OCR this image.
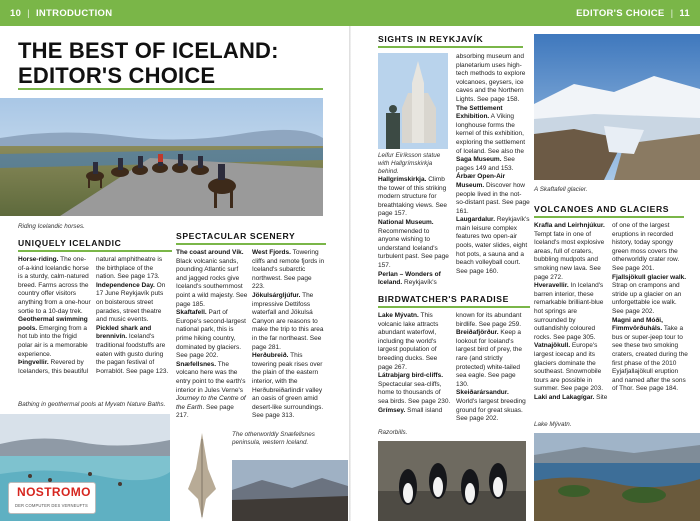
10 | INTRODUCTION	EDITOR'S CHOICE | 11
THE BEST OF ICELAND:
EDITOR'S CHOICE
Riding Icelandic horses.
UNIQUELY ICELANDIC

Horse-riding. The one-of-a-kind Icelandic horse is a sturdy, calm-natured breed. Farms across the country offer visitors anything from a one-hour sortie to a 10-day trek.

Geothermal swimming pools. Emerging from a hot tub into the frigid polar air is a memorable experience.

Þingvellir. Revered by Icelanders, this beautiful

natural amphitheatre is the birthplace of the nation. See page 173.

Independence Day. On 17 June Reykjavík puts on boisterous street parades, street theatre and music events.

Pickled shark and brennivín. Iceland's traditional foodstuffs are eaten with gusto during the pagan festival of Þorrablót. See page 123.

Bathing in geothermal pools at Myvatn Nature Baths.
SPECTACULAR SCENERY

The coast around Vík. Black volcanic sands, pounding Atlantic surf and jagged rocks give Iceland's southernmost point a wild majesty. See page 185.

Skaftafell. Part of Europe's second-largest national park, this is prime hiking country, dominated by glaciers. See page 202.

Snæfellsnes. The volcano here was the entry point to the earth's interior in Jules Verne's Journey to the Centre of the Earth. See page 217.

West Fjords. Towering cliffs and remote fjords in Iceland's subarctic northwest. See page 223.

Jökulsárgljúfur. The impressive Dettifoss waterfall and Jökulsá Canyon are reasons to make the trip to this area in the far northeast. See page 281.

Herðubreið. This towering peak rises over the plain of the eastern interior, with the Herðubreiðarlindir valley an oasis of green amid desert-like surroundings. See page 313.

The otherworldly Snæfellsnes peninsula, western Iceland.
NOSTROMO
DER COMPUTER DES VERNEUFTS
SIGHTS IN REYKJAVÍK
Leifur Eiríksson statue with Hallgrímskirkja behind.

Hallgrímskirkja. Climb the tower of this striking modern structure for breathtaking views. See page 157.

National Museum. Recommended to anyone wishing to understand Iceland's turbulent past. See page 157.

Perlan – Wonders of Iceland. Reykjavík's

absorbing museum and planetarium uses high-tech methods to explore volcanoes, geysers, ice caves and the Northern Lights. See page 158.

The Settlement Exhibition. A Viking longhouse forms the kernel of this exhibition, exploring the settlement of Iceland. See also the

Saga Museum. See pages 149 and 153.

Árbær Open-Air Museum. Discover how people lived in the not-so-distant past. See page 161.

Laugardalur. Reykjavík's main leisure complex features two open-air pools, water slides, eight hot pots, a sauna and a beach volleyball court. See page 160.

BIRDWATCHER'S PARADISE

Lake Mývatn. This volcanic lake attracts abundant waterfowl, including the world's largest population of breeding ducks. See page 267.

Látrabjarg bird-cliffs. Spectacular sea-cliffs, home to thousands of sea birds. See page 230.

Grímsey. Small island

known for its abundant birdlife. See page 259.

Breiðafjörður. Keep a lookout for Iceland's largest bird of prey, the rare (and strictly protected) white-tailed sea eagle. See page 130.

Skeiðarársandur. World's largest breeding ground for great skuas. See page 202.

Razorbills.
A Skaftafell glacier.
VOLCANOES AND GLACIERS

Krafla and Leirhnjúkur. Tempt fate in one of Iceland's most explosive areas, full of craters, bubbling mudpots and smoking new lava. See page 272.

Hveravellir. In Iceland's barren interior, these remarkable brilliant-blue hot springs are surrounded by outlandishly coloured rocks. See page 305.

Vatnajökull. Europe's largest icecap and its glaciers dominate the southeast. Snowmobile tours are possible in summer. See page 203.

Laki and Lakagígar. Site

of one of the largest eruptions in recorded history, today spongy green moss covers the otherworldly crater row. See page 201.

Fjallsjökull glacier walk. Strap on crampons and stride up a glacier on an unforgettable ice walk. See page 202.

Magni and Móði, Fimmvörðuháls. Take a bus or super-jeep tour to see these two smoking craters, created during the first phase of the 2010 Eyjafjallajökull eruption and named after the sons of Thor. See page 184.

Lake Mývatn.
